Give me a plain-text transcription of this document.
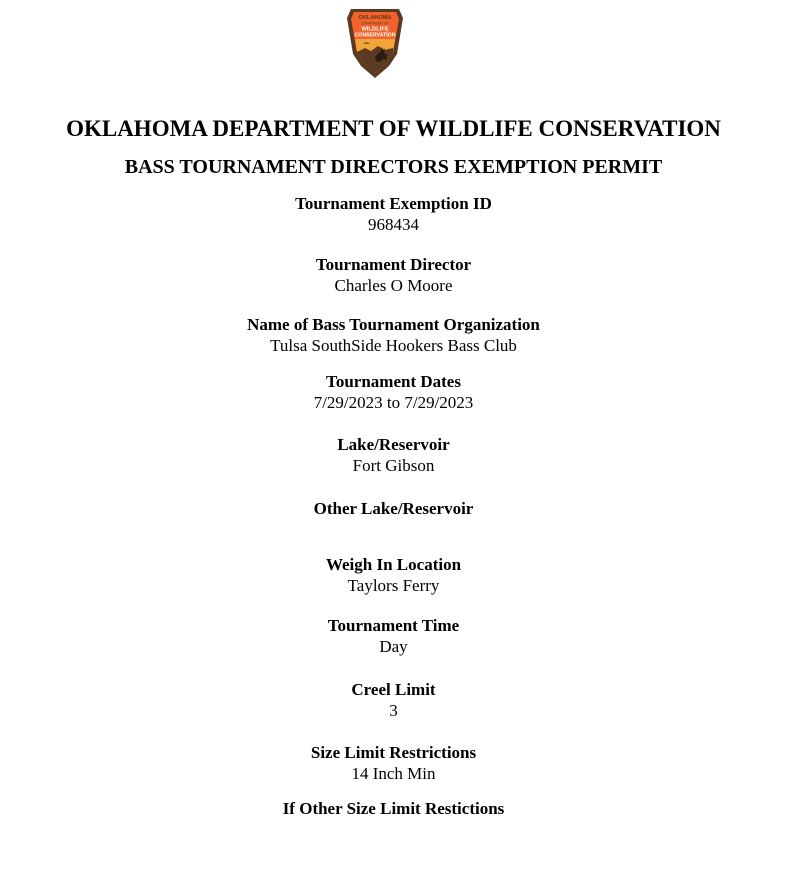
OKLAHOMA
DEPARTMENT OF
WILDLIFE
CONSERVATION
OKLAHOMA DEPARTMENT OF WILDLIFE CONSERVATION
BASS TOURNAMENT DIRECTORS EXEMPTION PERMIT
Tournament Exemption ID
968434
Tournament Director
Charles O Moore
Name of Bass Tournament Organization
Tulsa SouthSide Hookers Bass Club
Tournament Dates
7/29/2023 to 7/29/2023
Lake/Reservoir
Fort Gibson
Other Lake/Reservoir
Weigh In Location
Taylors Ferry
Tournament Time
Day
Creel Limit
3
Size Limit Restrictions
14 Inch Min
If Other Size Limit Restictions
